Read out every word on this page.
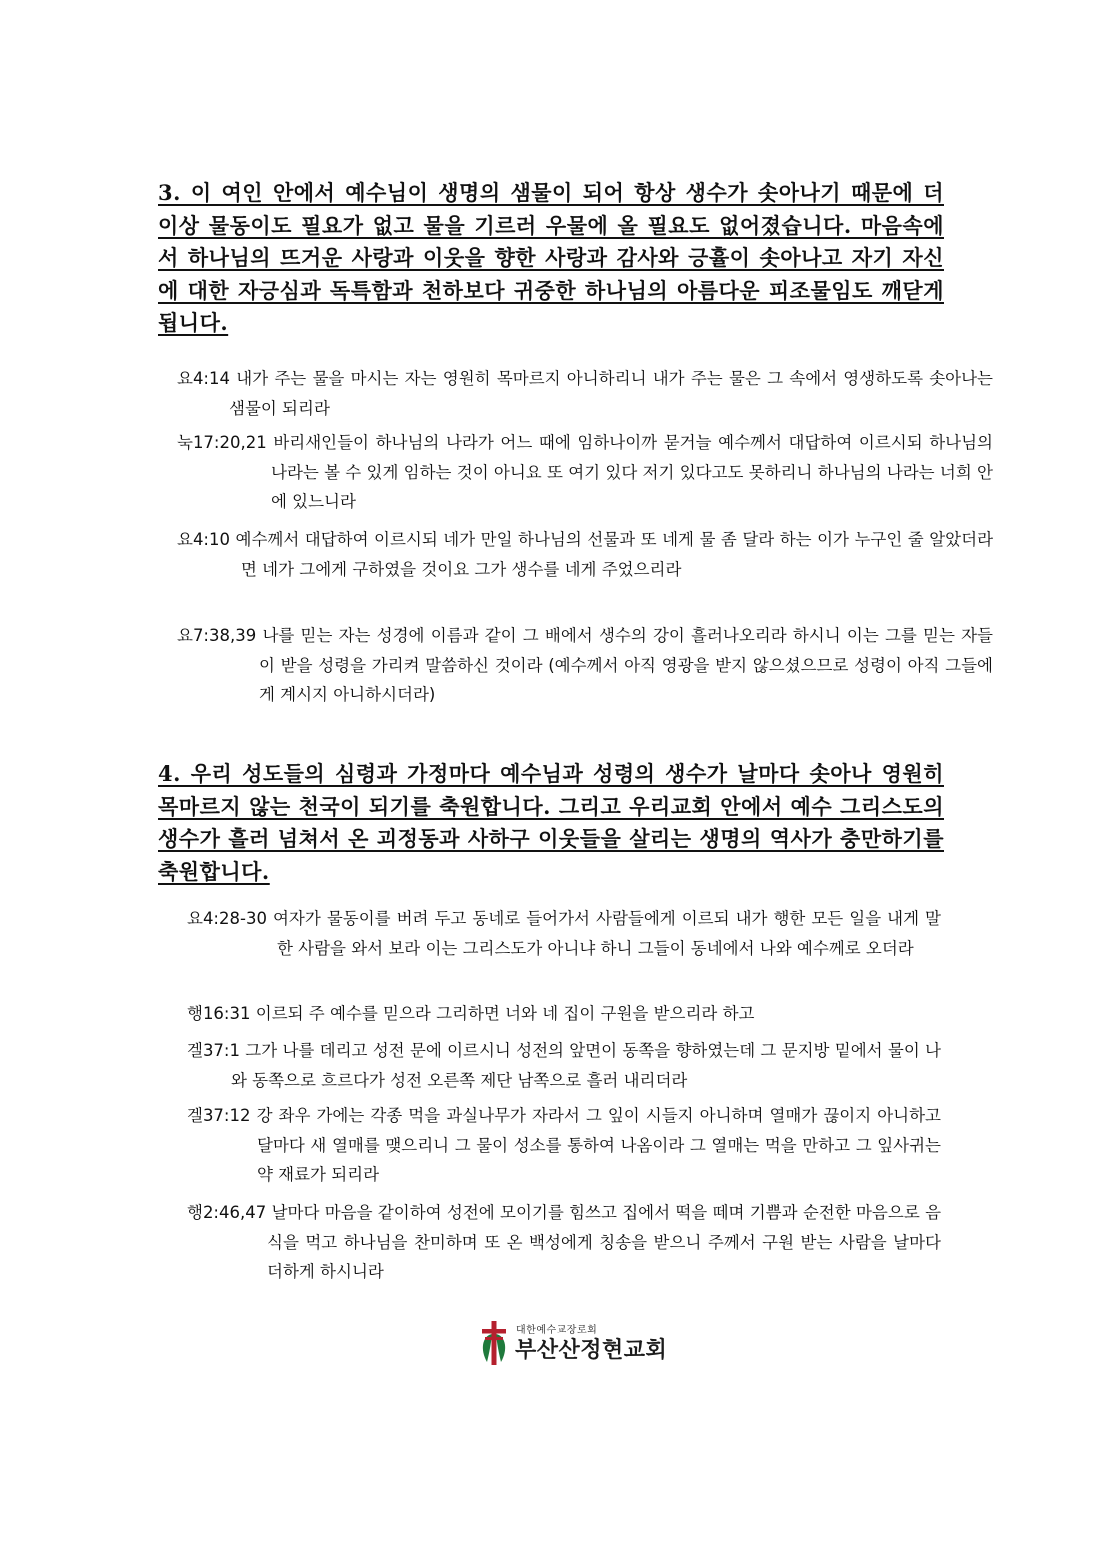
3. 이 여인 안에서 예수님이 생명의 샘물이 되어 항상 생수가 솟아나기 때문에 더 이상 물동이도 필요가 없고 물을 기르러 우물에 올 필요도 없어졌습니다. 마음속에서 하나님의 뜨거운 사랑과 이웃을 향한 사랑과 감사와 긍휼이 솟아나고 자기 자신에 대한 자긍심과 독특함과 천하보다 귀중한 하나님의 아름다운 피조물임도 깨닫게 됩니다.
요4:14 내가 주는 물을 마시는 자는 영원히 목마르지 아니하리니 내가 주는 물은 그 속에서 영생하도록 솟아나는 샘물이 되리라
눅17:20,21 바리새인들이 하나님의 나라가 어느 때에 임하나이까 묻거늘 예수께서 대답하여 이르시되 하나님의 나라는 볼 수 있게 임하는 것이 아니요 또 여기 있다 저기 있다고도 못하리니 하나님의 나라는 너희 안에 있느니라
요4:10 예수께서 대답하여 이르시되 네가 만일 하나님의 선물과 또 네게 물 좀 달라 하는 이가 누구인 줄 알았더라면 네가 그에게 구하였을 것이요 그가 생수를 네게 주었으리라
요7:38,39 나를 믿는 자는 성경에 이름과 같이 그 배에서 생수의 강이 흘러나오리라 하시니 이는 그를 믿는 자들이 받을 성령을 가리켜 말씀하신 것이라 (예수께서 아직 영광을 받지 않으셨으므로 성령이 아직 그들에게 계시지 아니하시더라)
4. 우리 성도들의 심령과 가정마다 예수님과 성령의 생수가 날마다 솟아나 영원히 목마르지 않는 천국이 되기를 축원합니다. 그리고 우리교회 안에서 예수 그리스도의 생수가 흘러 넘쳐서 온 괴정동과 사하구 이웃들을 살리는 생명의 역사가 충만하기를 축원합니다.
요4:28-30 여자가 물동이를 버려 두고 동네로 들어가서 사람들에게 이르되 내가 행한 모든 일을 내게 말한 사람을 와서 보라 이는 그리스도가 아니냐 하니 그들이 동네에서 나와 예수께로 오더라
행16:31 이르되 주 예수를 믿으라 그리하면 너와 네 집이 구원을 받으리라 하고
겔37:1 그가 나를 데리고 성전 문에 이르시니 성전의 앞면이 동쪽을 향하였는데 그 문지방 밑에서 물이 나와 동쪽으로 흐르다가 성전 오른쪽 제단 남쪽으로 흘러 내리더라
겔37:12 강 좌우 가에는 각종 먹을 과실나무가 자라서 그 잎이 시들지 아니하며 열매가 끊이지 아니하고 달마다 새 열매를 맺으리니 그 물이 성소를 통하여 나옴이라 그 열매는 먹을 만하고 그 잎사귀는 약 재료가 되리라
행2:46,47 날마다 마음을 같이하여 성전에 모이기를 힘쓰고 집에서 떡을 떼며 기쁨과 순전한 마음으로 음식을 먹고 하나님을 찬미하며 또 온 백성에게 칭송을 받으니 주께서 구원 받는 사람을 날마다 더하게 하시니라
대한예수교장로회
부산산정현교회
